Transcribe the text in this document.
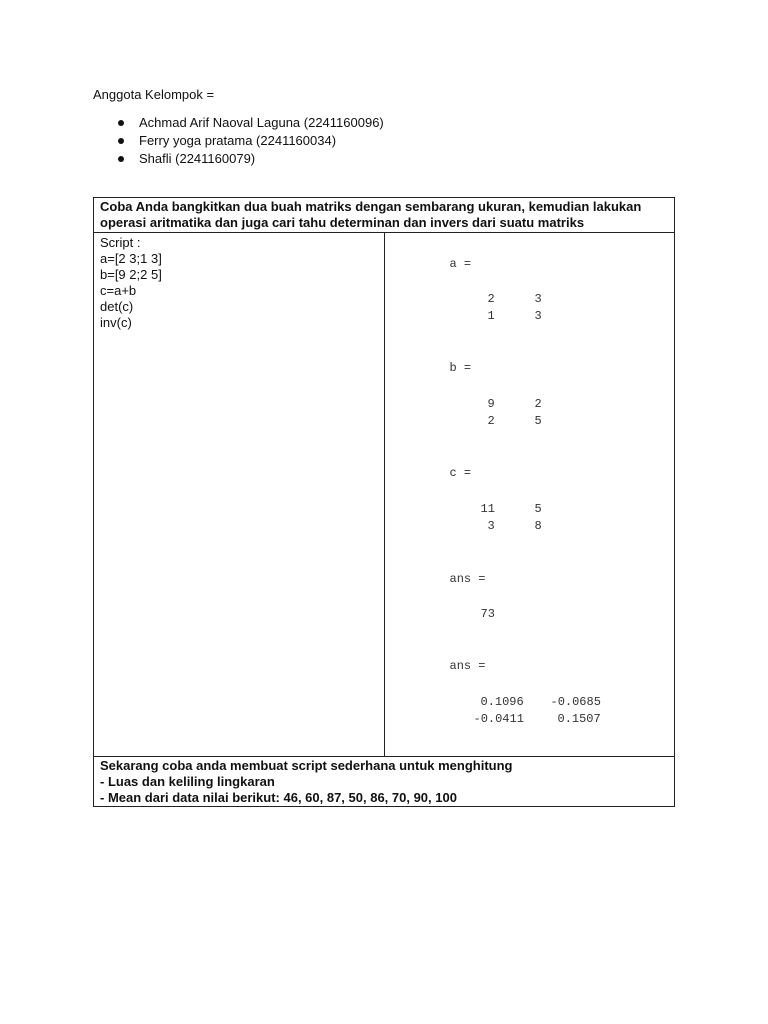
Anggota Kelompok =
Achmad Arif Naoval Laguna (2241160096)
Ferry yoga pratama (2241160034)
Shafli (2241160079)
Coba Anda bangkitkan dua buah matriks dengan sembarang ukuran, kemudian lakukan
operasi aritmatika dan juga cari tahu determinan dan invers dari suatu matriks

Script :
a=[2 3;1 3]
b=[9 2;2 5]
c=a+b
det(c)
inv(c)

a =
2	3
1	3
b =
9	2
2	5
c =
11	5
3	8
ans =
73
ans =
0.1096 -0.0685
-0.0411	0.1507

Sekarang coba anda membuat script sederhana untuk menghitung
- Luas dan keliling lingkaran
- Mean dari data nilai berikut: 46, 60, 87, 50, 86, 70, 90, 100
